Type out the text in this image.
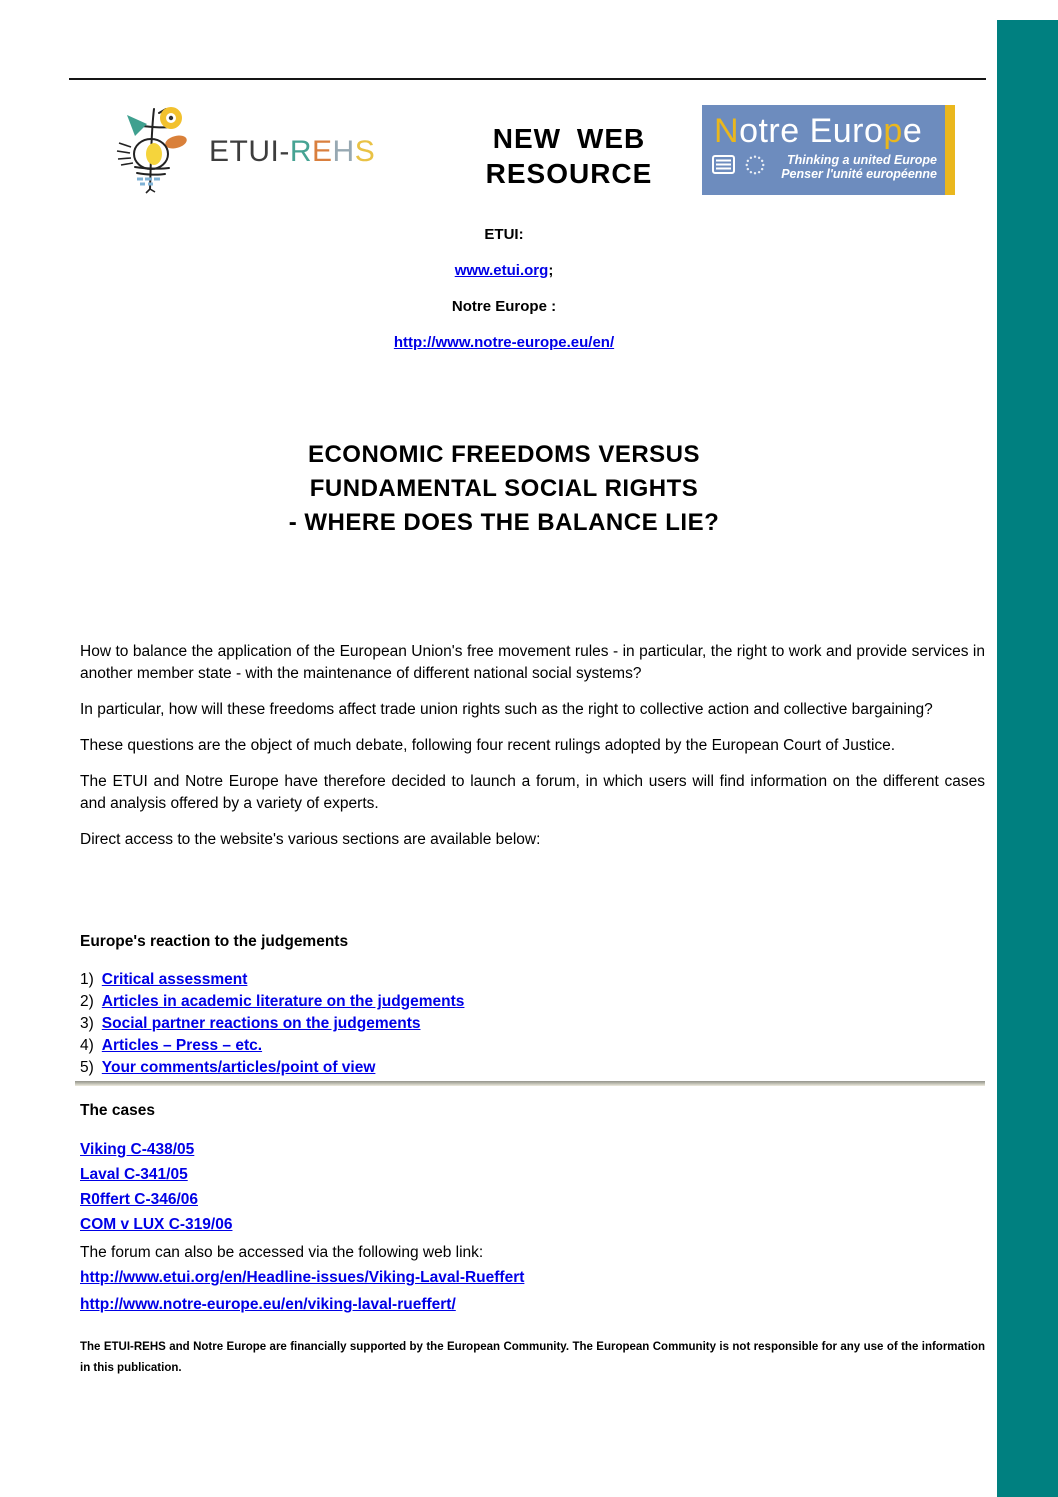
ETUI-REHS	NEW WEB
RESOURCE
Notre Europe
Thinking a united Europe
Penser l'unité européenne
ETUI:
www.etui.org;
Notre Europe :
http://www.notre-europe.eu/en/
ECONOMIC FREEDOMS VERSUS
FUNDAMENTAL SOCIAL RIGHTS
- WHERE DOES THE BALANCE LIE?

How to balance the application of the European Union's free movement rules - in particular, the right to work and provide services in another member state - with the maintenance of different national social systems?

In particular, how will these freedoms affect trade union rights such as the right to collective action and collective bargaining?

These questions are the object of much debate, following four recent rulings adopted by the European Court of Justice.

The ETUI and Notre Europe have therefore decided to launch a forum, in which users will find information on the different cases and analysis offered by a variety of experts.

Direct access to the website's various sections are available below:

Europe's reaction to the judgements
1) Critical assessment
2) Articles in academic literature on the judgements
3) Social partner reactions on the judgements
4) Articles – Press – etc.
5) Your comments/articles/point of view
The cases
Viking C-438/05
Laval C-341/05
R0ffert C-346/06
COM v LUX C-319/06
The forum can also be accessed via the following web link:
http://www.etui.org/en/Headline-issues/Viking-Laval-Rueffert
http://www.notre-europe.eu/en/viking-laval-rueffert/
The ETUI-REHS and Notre Europe are financially supported by the European Community. The European Community is not responsible for any use of the information in this publication.
